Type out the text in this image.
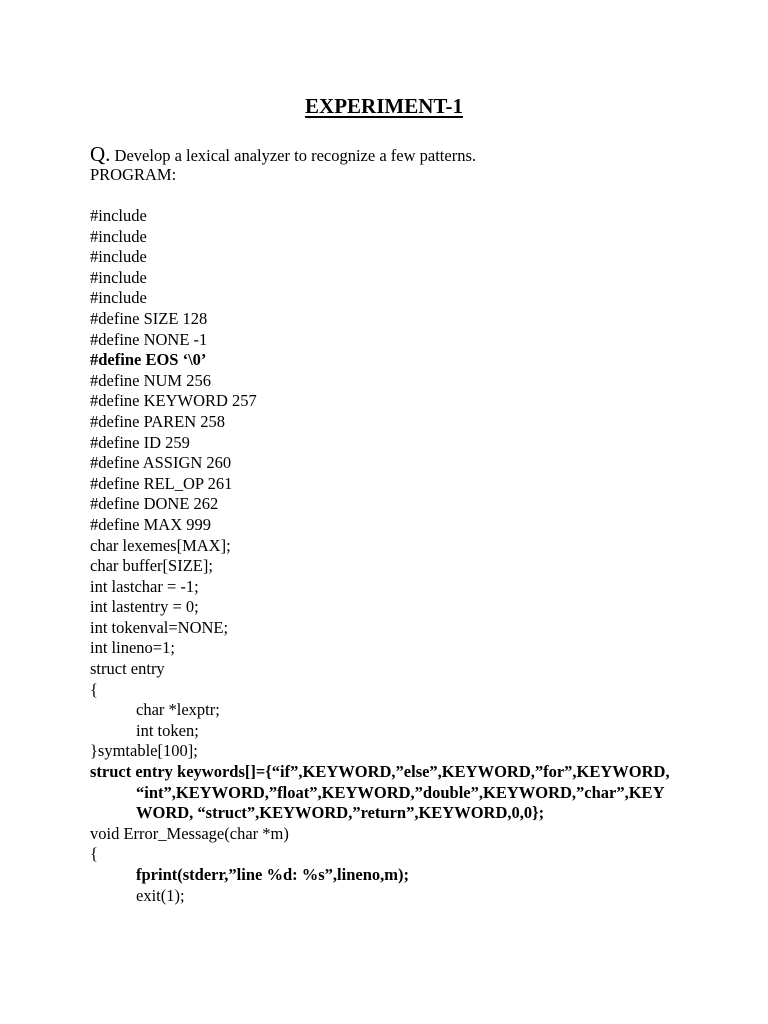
EXPERIMENT-1
Q. Develop a lexical analyzer to recognize a few patterns.
PROGRAM:
#include
#include
#include
#include
#include
#define SIZE 128
#define NONE -1
#define EOS ‘\0’
#define NUM 256
#define KEYWORD 257
#define PAREN 258
#define ID 259
#define ASSIGN 260
#define REL_OP 261
#define DONE 262
#define MAX 999
char lexemes[MAX];
char buffer[SIZE];
int lastchar = -1;
int lastentry = 0;
int tokenval=NONE;
int lineno=1;
struct entry
{
char *lexptr;
int token;
}symtable[100];
struct entry keywords[]={“if”,KEYWORD,”else”,KEYWORD,”for”,KEYWORD,
“int”,KEYWORD,”float”,KEYWORD,”double”,KEYWORD,”char”,KEY
WORD, “struct”,KEYWORD,”return”,KEYWORD,0,0};
void Error_Message(char *m)
{
fprint(stderr,”line %d: %s”,lineno,m);
exit(1);
